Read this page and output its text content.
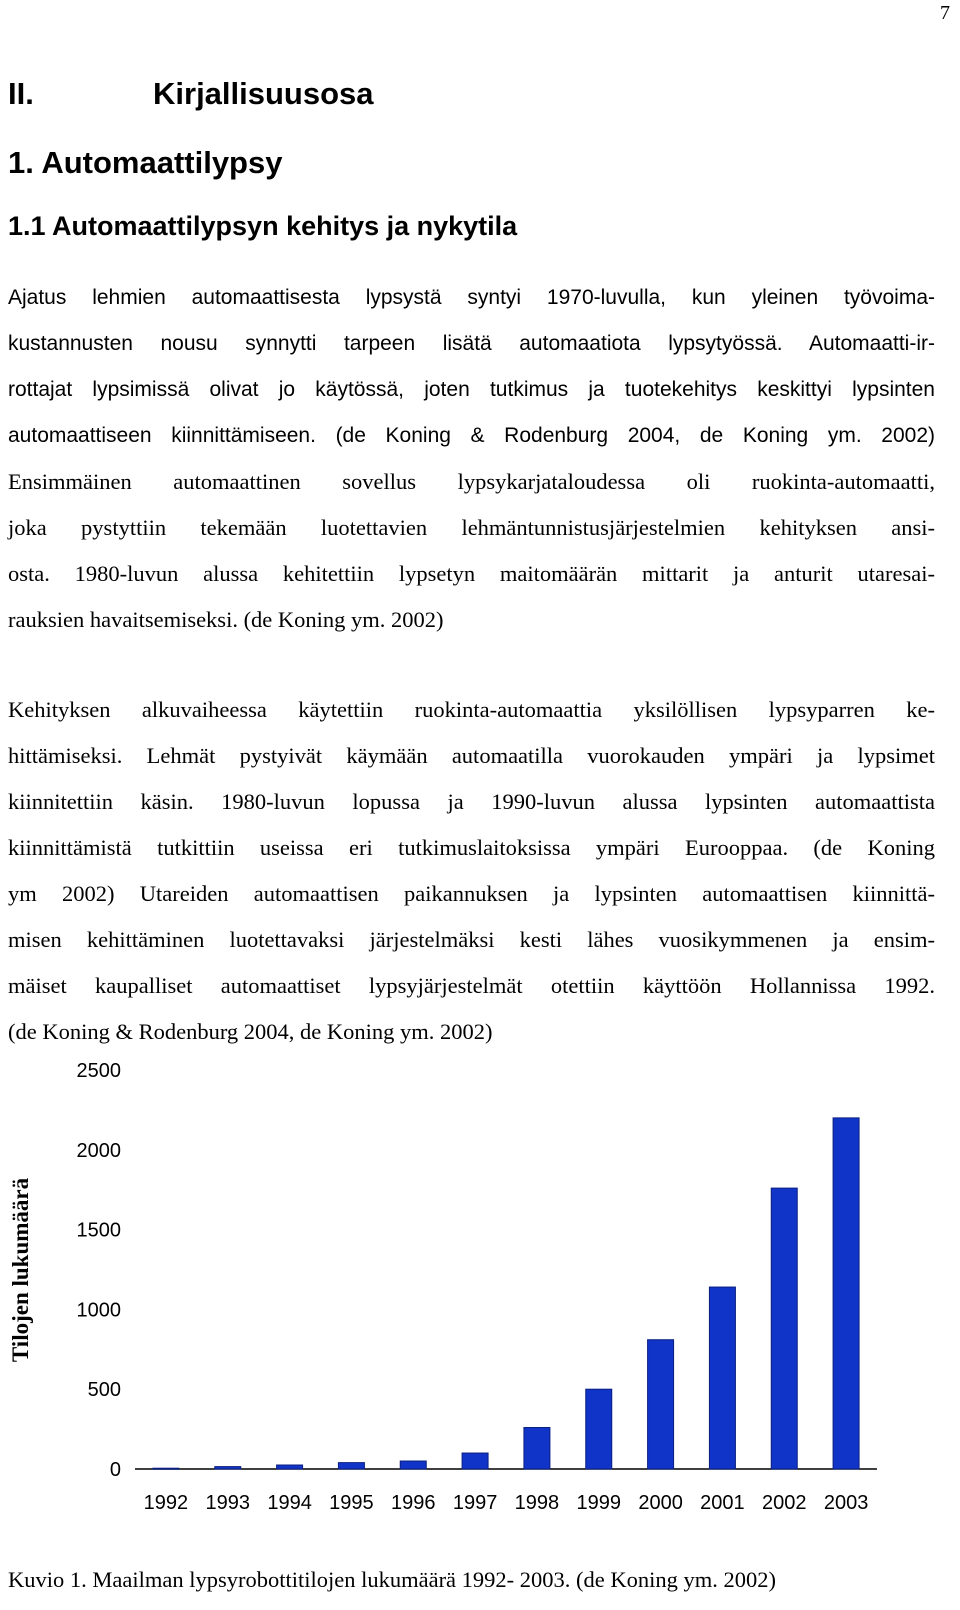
7
II.	Kirjallisuusosa
1. Automaattilypsy
1.1 Automaattilypsyn kehitys ja nykytila
Ajatus lehmien automaattisesta lypsystä syntyi 1970-luvulla, kun yleinen työvoima-
kustannusten nousu synnytti tarpeen lisätä automaatiota lypsytyössä. Automaatti-ir-
rottajat lypsimissä olivat jo käytössä, joten tutkimus ja tuotekehitys keskittyi lypsinten
automaattiseen kiinnittämiseen. (de Koning & Rodenburg 2004, de Koning ym. 2002)
Ensimmäinen automaattinen sovellus lypsykarjataloudessa oli ruokinta-automaatti,
joka pystyttiin tekemään luotettavien lehmäntunnistusjärjestelmien kehityksen ansi-
osta. 1980-luvun alussa kehitettiin lypsetyn maitomäärän mittarit ja anturit utaresai-
rauksien havaitsemiseksi. (de Koning ym. 2002)
Kehityksen alkuvaiheessa käytettiin ruokinta-automaattia yksilöllisen lypsyparren ke-
hittämiseksi. Lehmät pystyivät käymään automaatilla vuorokauden ympäri ja lypsimet
kiinnitettiin käsin. 1980-luvun lopussa ja 1990-luvun alussa lypsinten automaattista
kiinnittämistä tutkittiin useissa eri tutkimuslaitoksissa ympäri Eurooppaa. (de Koning
ym 2002) Utareiden automaattisen paikannuksen ja lypsinten automaattisen kiinnittä-
misen kehittäminen luotettavaksi järjestelmäksi kesti lähes vuosikymmenen ja ensim-
mäiset kaupalliset automaattiset lypsyjärjestelmät otettiin käyttöön Hollannissa 1992.
(de Koning & Rodenburg 2004, de Koning ym. 2002)
Tilojen lukumäärä
0
500
1000
1500
2000
2500
1992 1993 1994 1995 1996 1997 1998 1999 2000 2001 2002 2003
Kuvio 1. Maailman lypsyrobottitilojen lukumäärä 1992- 2003. (de Koning ym. 2002)
